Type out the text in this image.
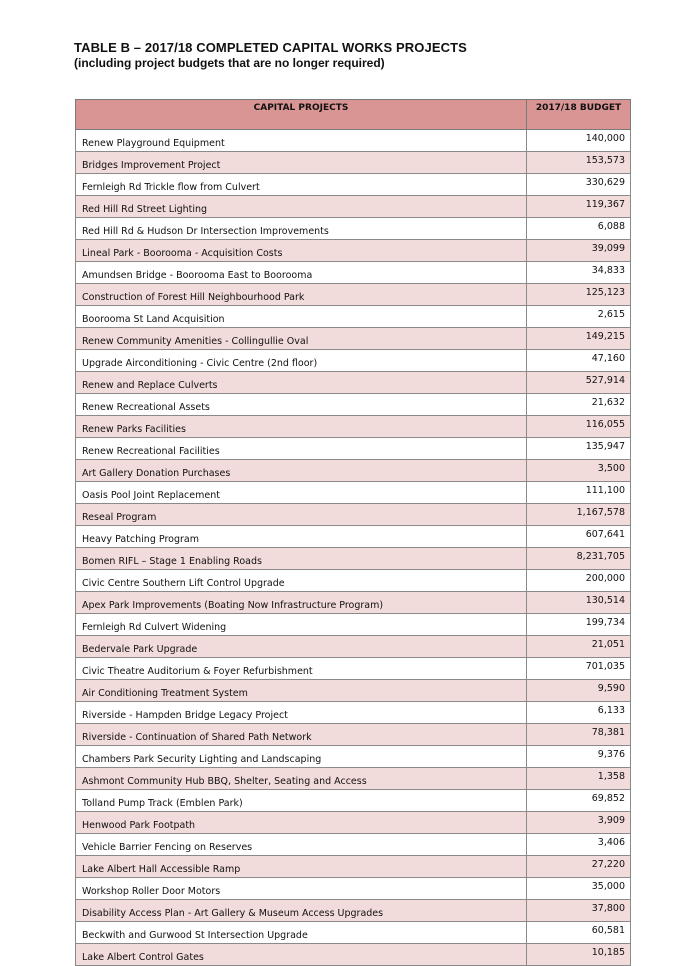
TABLE B – 2017/18 COMPLETED CAPITAL WORKS PROJECTS
(including project budgets that are no longer required)
CAPITAL PROJECTS	2017/18 BUDGET

Renew Playground Equipment	140,000

Bridges Improvement Project	153,573

Fernleigh Rd Trickle flow from Culvert	330,629

Red Hill Rd Street Lighting	119,367

Red Hill Rd & Hudson Dr Intersection Improvements	6,088

Lineal Park - Boorooma - Acquisition Costs	39,099

Amundsen Bridge - Boorooma East to Boorooma	34,833

Construction of Forest Hill Neighbourhood Park	125,123

Boorooma St Land Acquisition	2,615

Renew Community Amenities - Collingullie Oval	149,215

Upgrade Airconditioning - Civic Centre (2nd floor)	47,160

Renew and Replace Culverts	527,914

Renew Recreational Assets	21,632

Renew Parks Facilities	116,055

Renew Recreational Facilities	135,947

Art Gallery Donation Purchases	3,500

Oasis Pool Joint Replacement	111,100

Reseal Program	1,167,578

Heavy Patching Program	607,641

Bomen RIFL – Stage 1 Enabling Roads	8,231,705

Civic Centre Southern Lift Control Upgrade	200,000

Apex Park Improvements (Boating Now Infrastructure Program)	130,514

Fernleigh Rd Culvert Widening	199,734

Bedervale Park Upgrade	21,051

Civic Theatre Auditorium & Foyer Refurbishment	701,035

Air Conditioning Treatment System	9,590

Riverside - Hampden Bridge Legacy Project	6,133

Riverside - Continuation of Shared Path Network	78,381

Chambers Park Security Lighting and Landscaping	9,376

Ashmont Community Hub BBQ, Shelter, Seating and Access	1,358

Tolland Pump Track (Emblen Park)	69,852

Henwood Park Footpath	3,909

Vehicle Barrier Fencing on Reserves	3,406

Lake Albert Hall Accessible Ramp	27,220

Workshop Roller Door Motors	35,000

Disability Access Plan - Art Gallery & Museum Access Upgrades	37,800

Beckwith and Gurwood St Intersection Upgrade	60,581

Lake Albert Control Gates	10,185
